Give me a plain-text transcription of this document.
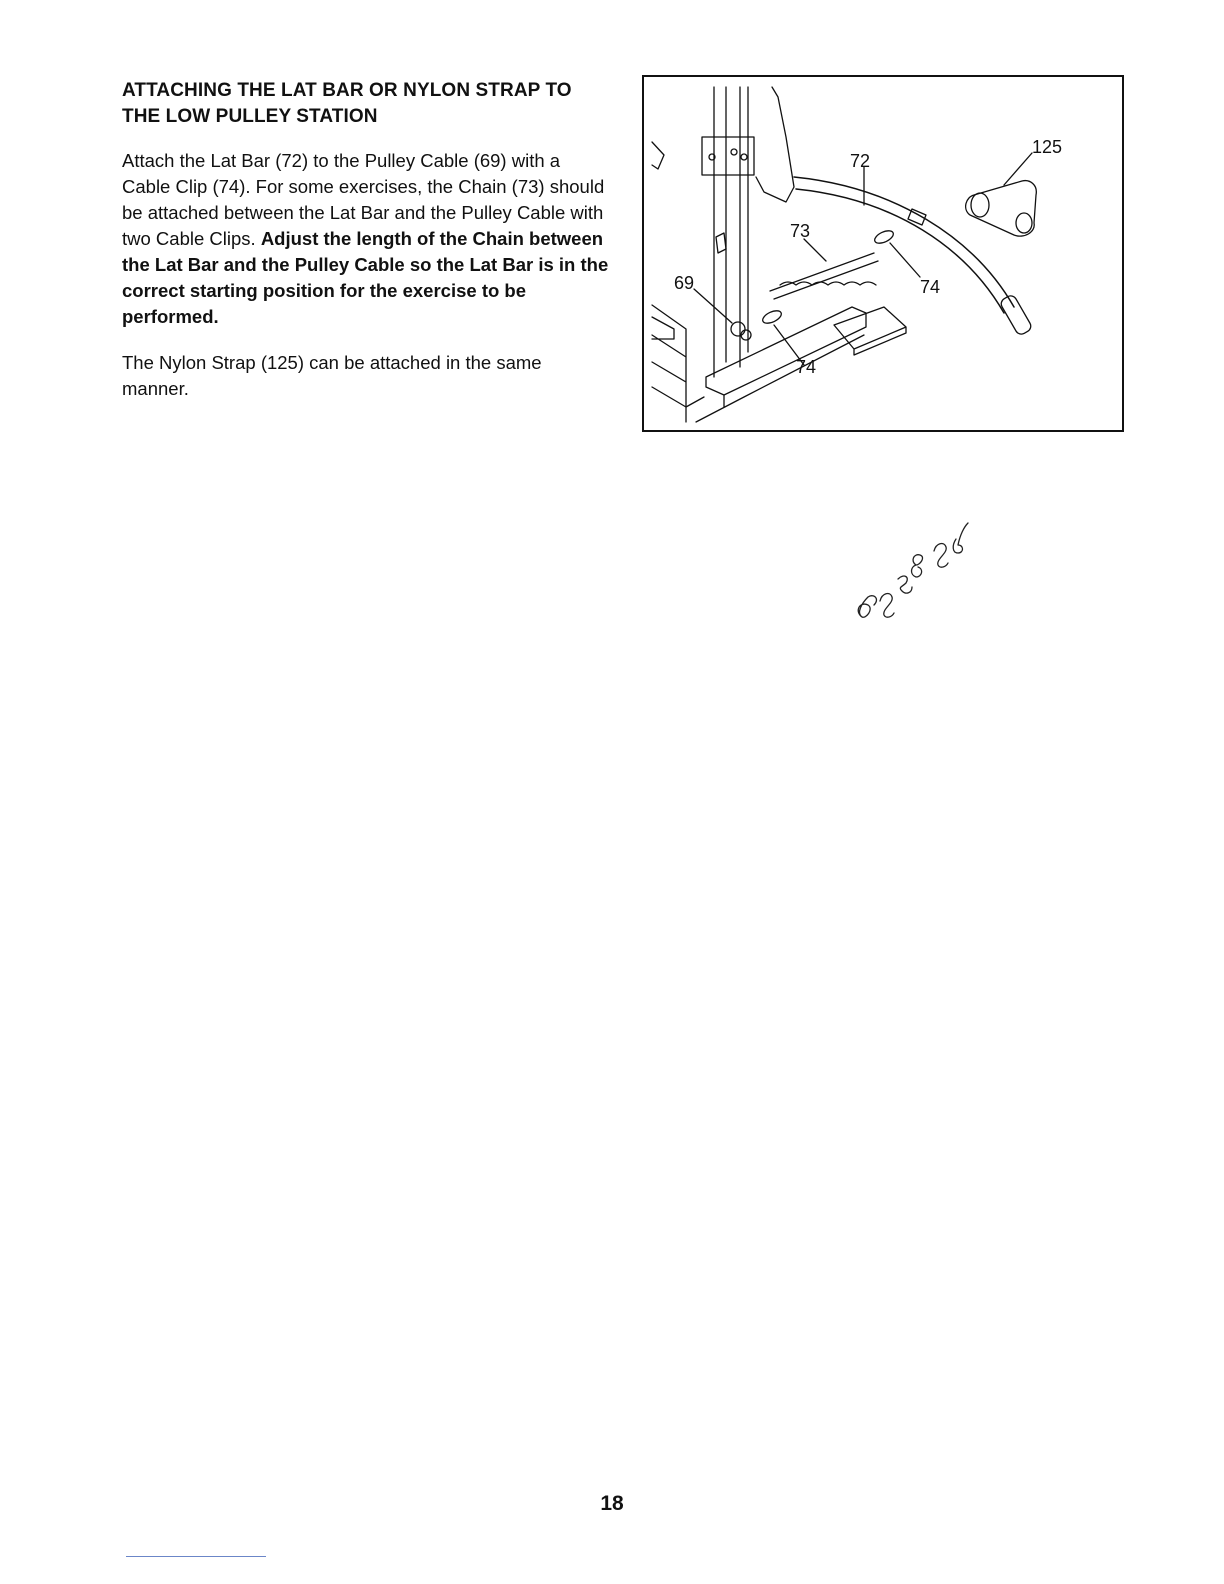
ATTACHING THE LAT BAR OR NYLON STRAP TO THE LOW PULLEY STATION

Attach the Lat Bar (72) to the Pulley Cable (69) with a Cable Clip (74). For some exercises, the Chain (73) should be attached between the Lat Bar and the Pulley Cable with two Cable Clips. Adjust the length of the Chain between the Lat Bar and the Pulley Cable so the Lat Bar is in the correct starting position for the exercise to be performed.

The Nylon Strap (125) can be attached in the same manner.

72
125
73
74
69
74
18
